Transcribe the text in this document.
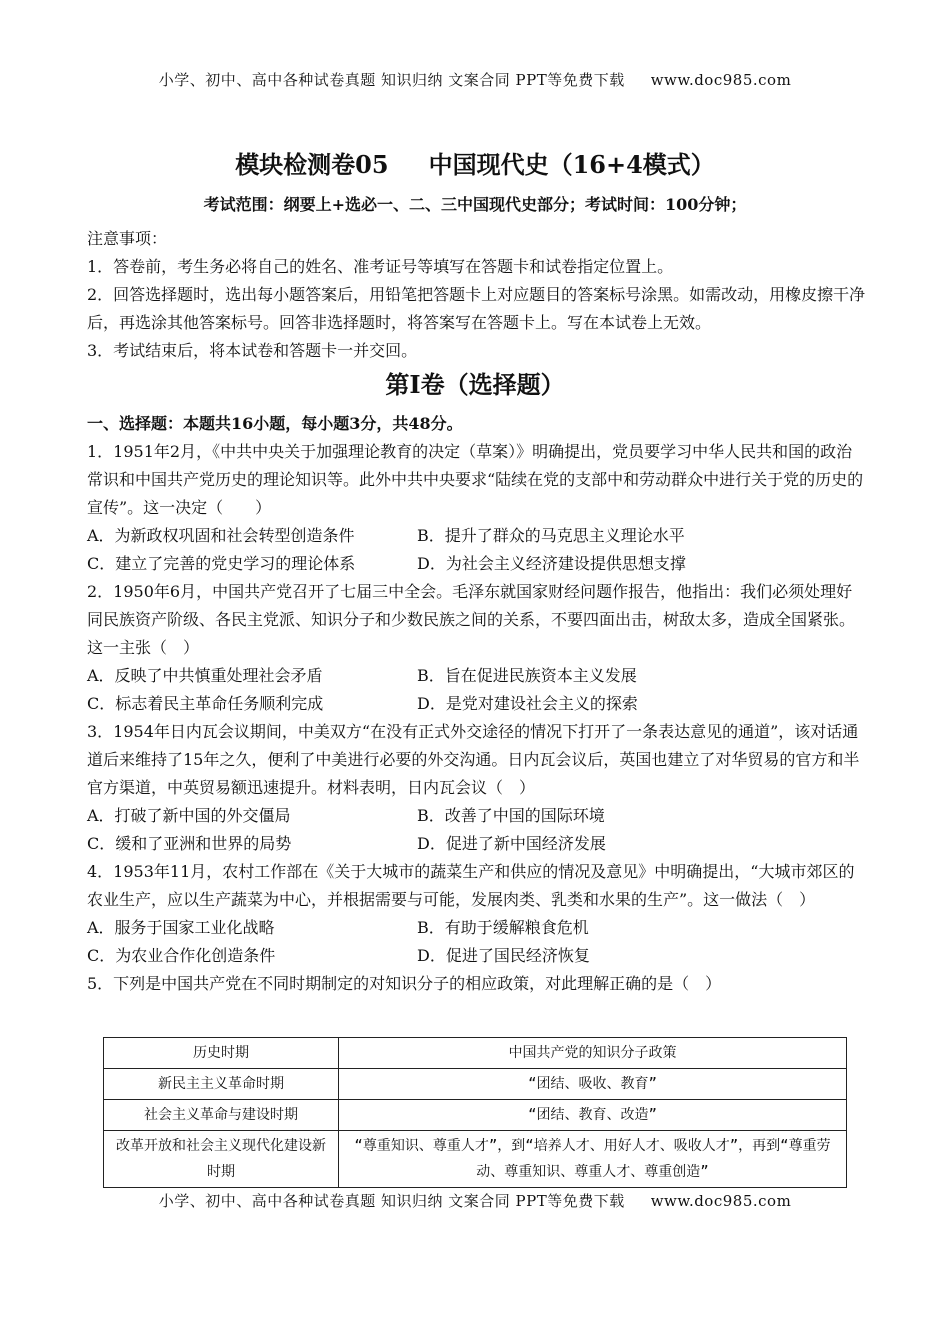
小学、初中、高中各种试卷真题 知识归纳 文案合同 PPT等免费下载 www.doc985.com
模块检测卷05 中国现代史（16+4模式）
考试范围：纲要上+选必一、二、三中国现代史部分；考试时间：100分钟；

注意事项：

1．答卷前，考生务必将自己的姓名、准考证号等填写在答题卡和试卷指定位置上。

2．回答选择题时，选出每小题答案后，用铅笔把答题卡上对应题目的答案标号涂黑。如需改动，用橡皮擦干净后，再选涂其他答案标号。回答非选择题时，将答案写在答题卡上。写在本试卷上无效。

3．考试结束后，将本试卷和答题卡一并交回。

第I卷（选择题）

一、选择题：本题共16小题，每小题3分，共48分。

1．1951年2月，《中共中央关于加强理论教育的决定（草案）》明确提出，党员要学习中华人民共和国的政治常识和中国共产党历史的理论知识等。此外中共中央要求“陆续在党的支部中和劳动群众中进行关于党的历史的宣传”。这一决定（　　）

A．为新政权巩固和社会转型创造条件	B．提升了群众的马克思主义理论水平
C．建立了完善的党史学习的理论体系	D．为社会主义经济建设提供思想支撑

2．1950年6月，中国共产党召开了七届三中全会。毛泽东就国家财经问题作报告，他指出：我们必须处理好同民族资产阶级、各民主党派、知识分子和少数民族之间的关系，不要四面出击，树敌太多，造成全国紧张。这一主张（　）

A．反映了中共慎重处理社会矛盾	B．旨在促进民族资本主义发展
C．标志着民主革命任务顺利完成	D．是党对建设社会主义的探索

3．1954年日内瓦会议期间，中美双方“在没有正式外交途径的情况下打开了一条表达意见的通道”，该对话通道后来维持了15年之久，便利了中美进行必要的外交沟通。日内瓦会议后，英国也建立了对华贸易的官方和半官方渠道，中英贸易额迅速提升。材料表明，日内瓦会议（　）

A．打破了新中国的外交僵局	B．改善了中国的国际环境
C．缓和了亚洲和世界的局势	D．促进了新中国经济发展

4．1953年11月，农村工作部在《关于大城市的蔬菜生产和供应的情况及意见》中明确提出，“大城市郊区的农业生产，应以生产蔬菜为中心，并根据需要与可能，发展肉类、乳类和水果的生产”。这一做法（　）

A．服务于国家工业化战略	B．有助于缓解粮食危机
C．为农业合作化创造条件	D．促进了国民经济恢复

5．下列是中国共产党在不同时期制定的对知识分子的相应政策，对此理解正确的是（　）

历史时期	中国共产党的知识分子政策
新民主主义革命时期	“团结、吸收、教育”
社会主义革命与建设时期	“团结、教育、改造”
改革开放和社会主义现代化建设新时期	“尊重知识、尊重人才”，到“培养人才、用好人才、吸收人才”，再到“尊重劳动、尊重知识、尊重人才、尊重创造”
小学、初中、高中各种试卷真题 知识归纳 文案合同 PPT等免费下载 www.doc985.com
